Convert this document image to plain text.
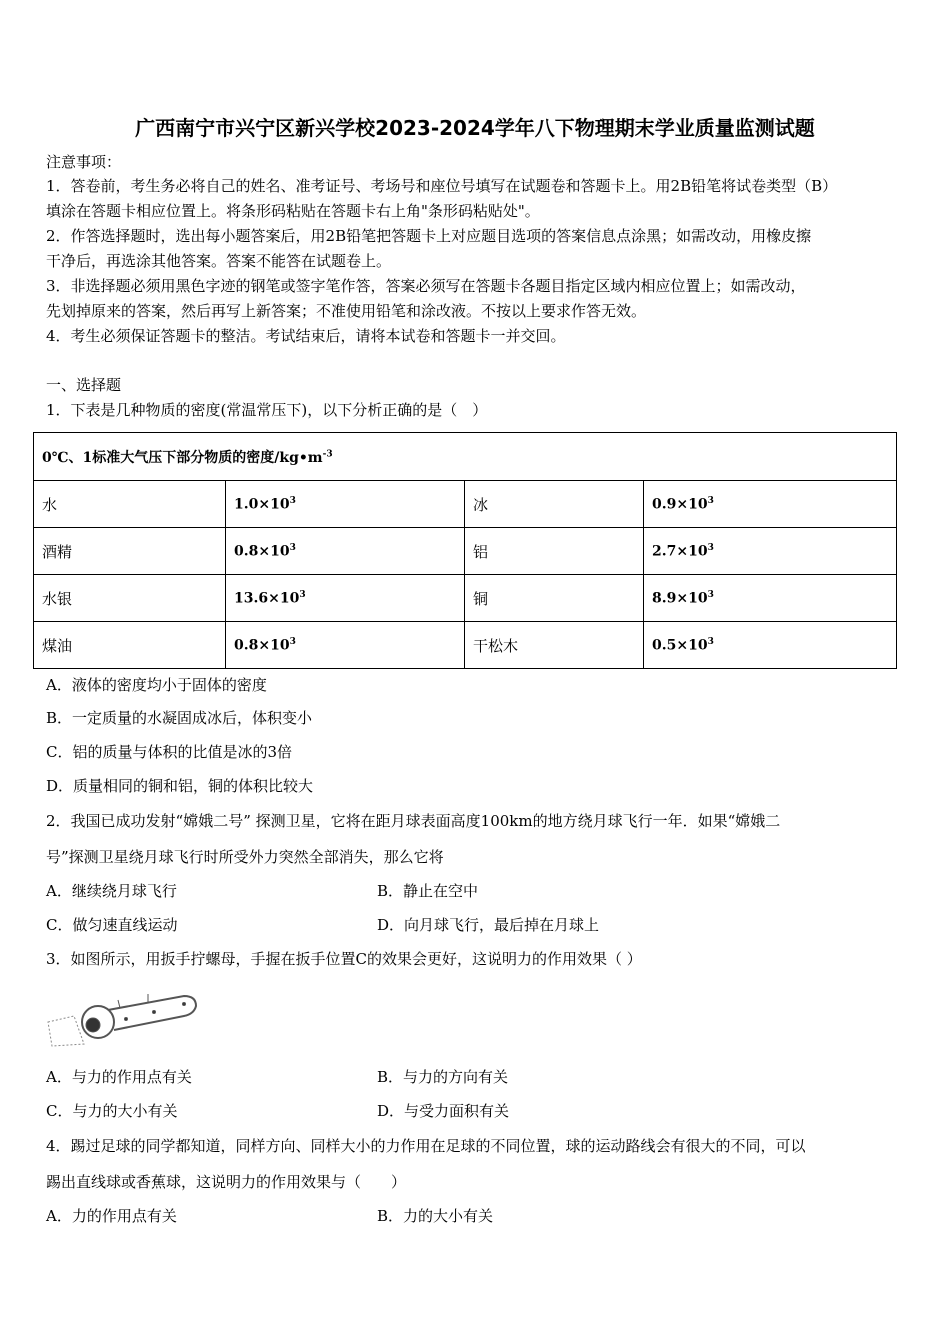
广西南宁市兴宁区新兴学校2023-2024学年八下物理期末学业质量监测试题
注意事项：
1．答卷前，考生务必将自己的姓名、准考证号、考场号和座位号填写在试题卷和答题卡上。用2B铅笔将试卷类型（B）
填涂在答题卡相应位置上。将条形码粘贴在答题卡右上角"条形码粘贴处"。
2．作答选择题时，选出每小题答案后，用2B铅笔把答题卡上对应题目选项的答案信息点涂黑；如需改动，用橡皮擦
干净后，再选涂其他答案。答案不能答在试题卷上。
3．非选择题必须用黑色字迹的钢笔或签字笔作答，答案必须写在答题卡各题目指定区域内相应位置上；如需改动，
先划掉原来的答案，然后再写上新答案；不准使用铅笔和涂改液。不按以上要求作答无效。
4．考生必须保证答题卡的整洁。考试结束后，请将本试卷和答题卡一并交回。
一、选择题
1．下表是几种物质的密度(常温常压下)，以下分析正确的是（　）
0℃、1标准大气压下部分物质的密度$/kg•m^{-3}$
水	$1.0\times 10^3$	冰	$0.9\times 10^3$
酒精	$0.8\times 10^3$	铝	$2.7\times 10^3$
水银	$13.6\times 10^3$	铜	$8.9\times 10^3$
煤油	$0.8\times 10^3$	干松木	$0.5\times 10^3$
A．液体的密度均小于固体的密度
B．一定质量的水凝固成冰后，体积变小
C．铝的质量与体积的比值是冰的3倍
D．质量相同的铜和铝，铜的体积比较大
2．我国已成功发射“嫦娥二号” 探测卫星，它将在距月球表面高度100km的地方绕月球飞行一年．如果“嫦娥二
号”探测卫星绕月球飞行时所受外力突然全部消失，那么它将
A．继续绕月球飞行	B．静止在空中
C．做匀速直线运动	D．向月球飞行，最后掉在月球上
3．如图所示，用扳手拧螺母，手握在扳手位置C的效果会更好，这说明力的作用效果（ ）
A．与力的作用点有关	B．与力的方向有关
C．与力的大小有关	D．与受力面积有关
4．踢过足球的同学都知道，同样方向、同样大小的力作用在足球的不同位置，球的运动路线会有很大的不同，可以
踢出直线球或香蕉球，这说明力的作用效果与（　　）
A．力的作用点有关	B．力的大小有关
